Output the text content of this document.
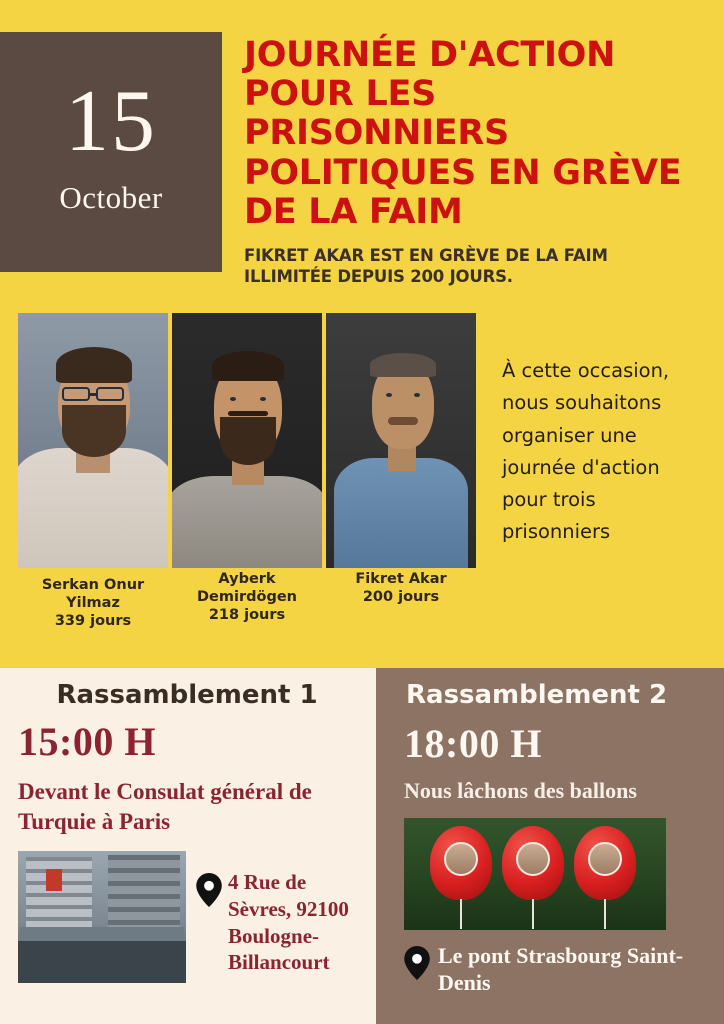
15
October
JOURNÉE D'ACTION POUR LES PRISONNIERS POLITIQUES EN GRÈVE DE LA FAIM
FIKRET AKAR EST EN GRÈVE DE LA FAIM ILLIMITÉE DEPUIS 200 JOURS.
Serkan Onur Yilmaz
339 jours
Ayberk Demirdögen
218 jours
Fikret Akar
200 jours
À cette occasion, nous souhaitons organiser une journée d'action pour trois prisonniers
Rassamblement 1
15:00 H
Devant le Consulat général de Turquie à Paris
4 Rue de Sèvres, 92100 Boulogne-Billancourt
Rassamblement 2
18:00 H
Nous lâchons des ballons
Le pont Strasbourg Saint-Denis
